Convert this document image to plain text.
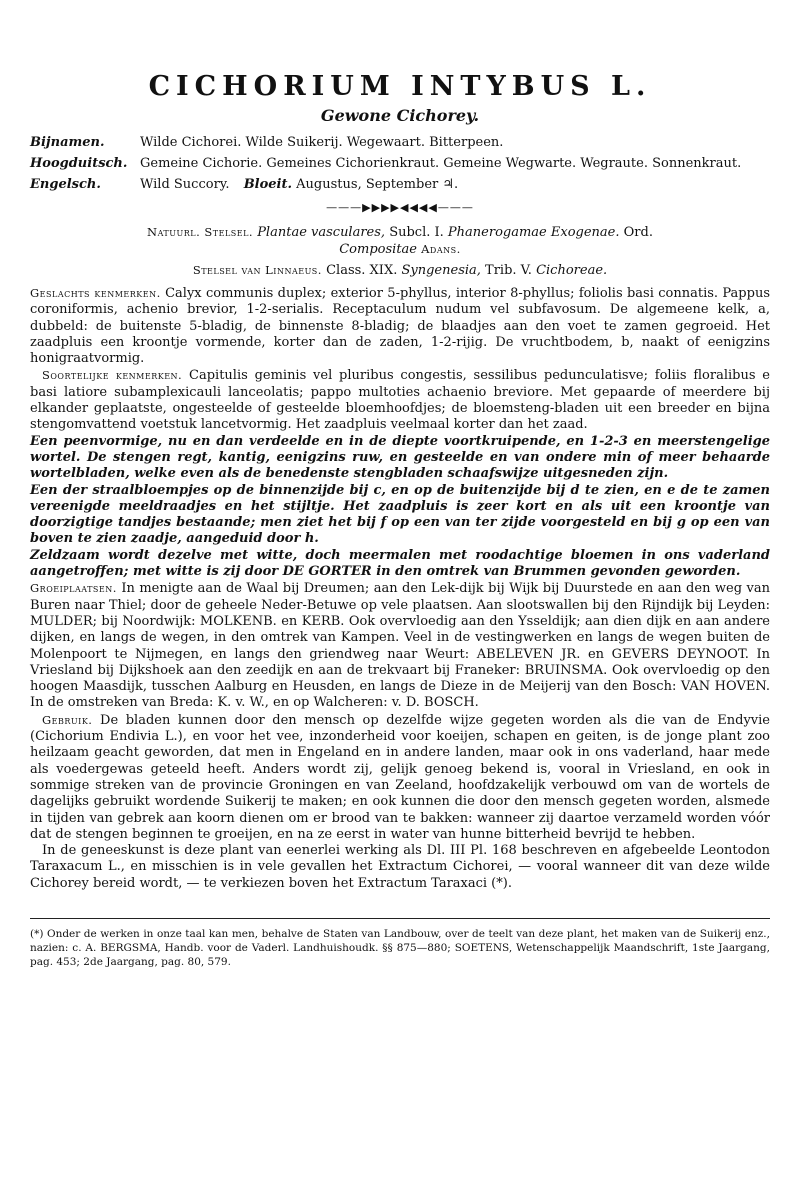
CICHORIUM INTYBUS L.
Gewone Cichorey.
Bijnamen.	Wilde Cichorei. Wilde Suikerij. Wegewaart. Bitterpeen.
Hoogduitsch. Gemeine Cichorie. Gemeines Cichorienkraut. Gemeine Wegwarte. Wegraute. Sonnenkraut.
Engelsch.	Wild Succory. Bloeit. Augustus, September ♃.
———▶▶▶▶◀◀◀◀———
Natuurl. Stelsel. Plantae vasculares, Subcl. I. Phanerogamae Exogenae. Ord.
Compositae Adans.
Stelsel van Linnaeus. Class. XIX. Syngenesia, Trib. V. Cichoreae.

Geslachts kenmerken. Calyx communis duplex; exterior 5-phyllus, interior 8-phyllus; foliolis basi connatis. Pappus coroniformis, achenio brevior, 1-2-serialis. Receptaculum nudum vel subfavosum. De algemeene kelk, a, dubbeld: de buitenste 5-bladig, de binnenste 8-bladig; de blaadjes aan den voet te zamen gegroeid. Het zaadpluis een kroontje vormende, korter dan de zaden, 1-2-rijig. De vruchtbodem, b, naakt of eenigzins honigraatvormig.

Soortelijke kenmerken. Capitulis geminis vel pluribus congestis, sessilibus pedunculatisve; foliis floralibus e basi latiore subamplexicauli lanceolatis; pappo multoties achaenio breviore. Met gepaarde of meerdere bij elkander geplaatste, ongesteelde of gesteelde bloemhoofdjes; de bloemsteng-bladen uit een breeder en bijna stengomvattend voetstuk lancetvormig. Het zaadpluis veelmaal korter dan het zaad.

Een peenvormige, nu en dan verdeelde en in de diepte voortkruipende, en 1-2-3 en meerstengelige wortel. De stengen regt, kantig, eenigzins ruw, en gesteelde en van ondere min of meer behaarde wortelbladen, welke even als de benedenste stengbladen schaafswijze uitgesneden zijn.

Een der straalbloempjes op de binnenzijde bij c, en op de buitenzijde bij d te zien, en e de te zamen vereenigde meeldraadjes en het stijltje. Het zaadpluis is zeer kort en als uit een kroontje van doorzigtige tandjes bestaande; men ziet het bij f op een van ter zijde voorgesteld en bij g op een van boven te zien zaadje, aangeduid door h.

Zeldzaam wordt dezelve met witte, doch meermalen met roodachtige bloemen in ons vaderland aangetroffen; met witte is zij door DE GORTER in den omtrek van Brummen gevonden geworden.

Groeiplaatsen. In menigte aan de Waal bij Dreumen; aan den Lek-dijk bij Wijk bij Duurstede en aan den weg van Buren naar Thiel; door de geheele Neder-Betuwe op vele plaatsen. Aan slootswallen bij den Rijndijk bij Leyden: MULDER; bij Noordwijk: MOLKENB. en KERB. Ook overvloedig aan den Ysseldijk; aan dien dijk en aan andere dijken, en langs de wegen, in den omtrek van Kampen. Veel in de vestingwerken en langs de wegen buiten de Molenpoort te Nijmegen, en langs den griendweg naar Weurt: ABELEVEN JR. en GEVERS DEYNOOT. In Vriesland bij Dijkshoek aan den zeedijk en aan de trekvaart bij Franeker: BRUINSMA. Ook overvloedig op den hoogen Maasdijk, tusschen Aalburg en Heusden, en langs de Dieze in de Meijerij van den Bosch: VAN HOVEN. In de omstreken van Breda: K. v. W., en op Walcheren: v. D. BOSCH.

Gebruik. De bladen kunnen door den mensch op dezelfde wijze gegeten worden als die van de Endyvie (Cichorium Endivia L.), en voor het vee, inzonderheid voor koeijen, schapen en geiten, is de jonge plant zoo heilzaam geacht geworden, dat men in Engeland en in andere landen, maar ook in ons vaderland, haar mede als voedergewas geteeld heeft. Anders wordt zij, gelijk genoeg bekend is, vooral in Vriesland, en ook in sommige streken van de provincie Groningen en van Zeeland, hoofdzakelijk verbouwd om van de wortels de dagelijks gebruikt wordende Suikerij te maken; en ook kunnen die door den mensch gegeten worden, alsmede in tijden van gebrek aan koorn dienen om er brood van te bakken: wanneer zij daartoe verzameld worden vóór dat de stengen beginnen te groeijen, en na ze eerst in water van hunne bitterheid bevrijd te hebben.

In de geneeskunst is deze plant van eenerlei werking als Dl. III Pl. 168 beschreven en afgebeelde Leontodon Taraxacum L., en misschien is in vele gevallen het Extractum Cichorei, — vooral wanneer dit van deze wilde Cichorey bereid wordt, — te verkiezen boven het Extractum Taraxaci (*).

(*) Onder de werken in onze taal kan men, behalve de Staten van Landbouw, over de teelt van deze plant, het maken van de Suikerij enz., nazien: c. A. BERGSMA, Handb. voor de Vaderl. Landhuishoudk. §§ 875—880; SOETENS, Wetenschappelijk Maandschrift, 1ste Jaargang, pag. 453; 2de Jaargang, pag. 80, 579.
